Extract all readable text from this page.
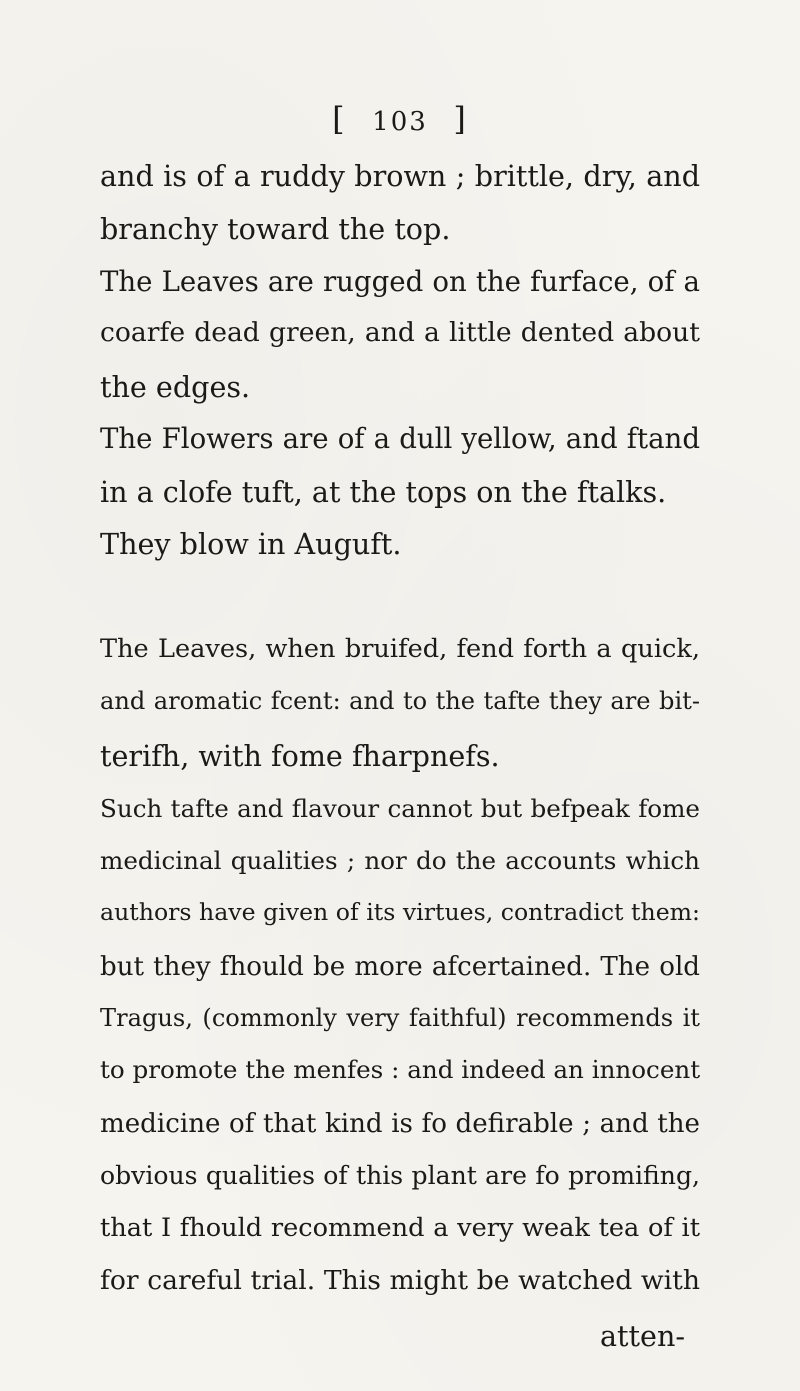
[ 103 ]
and is of a ruddy brown ; brittle, dry, and
branchy toward the top.
The Leaves are rugged on the furface, of a
coarfe dead green, and a little dented about
the edges.
The Flowers are of a dull yellow, and ftand
in a clofe tuft, at the tops on the ftalks.
They blow in Auguft.
The Leaves, when bruifed, fend forth a quick,
and aromatic fcent: and to the tafte they are bit-
terifh, with fome fharpnefs.
Such tafte and flavour cannot but befpeak fome
medicinal qualities ; nor do the accounts which
authors have given of its virtues, contradict them:
but they fhould be more afcertained. The old
Tragus, (commonly very faithful) recommends it
to promote the menfes : and indeed an innocent
medicine of that kind is fo defirable ; and the
obvious qualities of this plant are fo promifing,
that I fhould recommend a very weak tea of it
for careful trial. This might be watched with
atten-
